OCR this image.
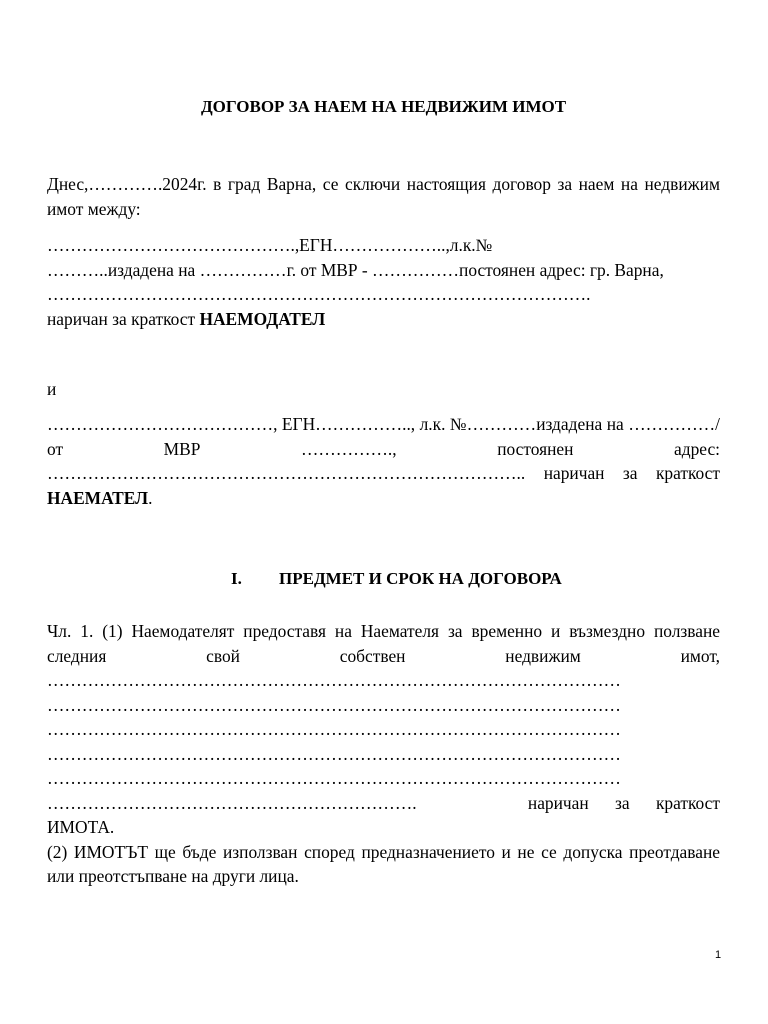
ДОГОВОР ЗА НАЕМ НА НЕДВИЖИМ ИМОТ

Днес,………….2024г. в град Варна, се сключи настоящия договор за наем на недвижим имот между:

…………………………………….,ЕГН………………..,л.к.№
………..издадена на ……………г. от МВР - ……………постоянен адрес: гр. Варна,
………………………………………………………………………………….
наричан за краткост НАЕМОДАТЕЛ

и

…………………………………, ЕГН…………….., л.к. №…………издадена на ……………/от МВР ……………., постоянен адрес: ……………………………………………………………………….. наричан за краткост НАЕМАТЕЛ.

I. ПРЕДМЕТ И СРОК НА ДОГОВОРА
Чл. 1. (1) Наемодателят предоставя на Наемателя за временно и възмездно ползване следния свой собствен недвижим имот,
………………………………………………………………………………………
………………………………………………………………………………………
………………………………………………………………………………………
………………………………………………………………………………………
………………………………………………………………………………………
……………………………………………………….	наричан за краткост
ИМОТА.
(2) ИМОТЪТ ще бъде използван според предназначението и не се допуска преотдаване или преотстъпване на други лица.
1
